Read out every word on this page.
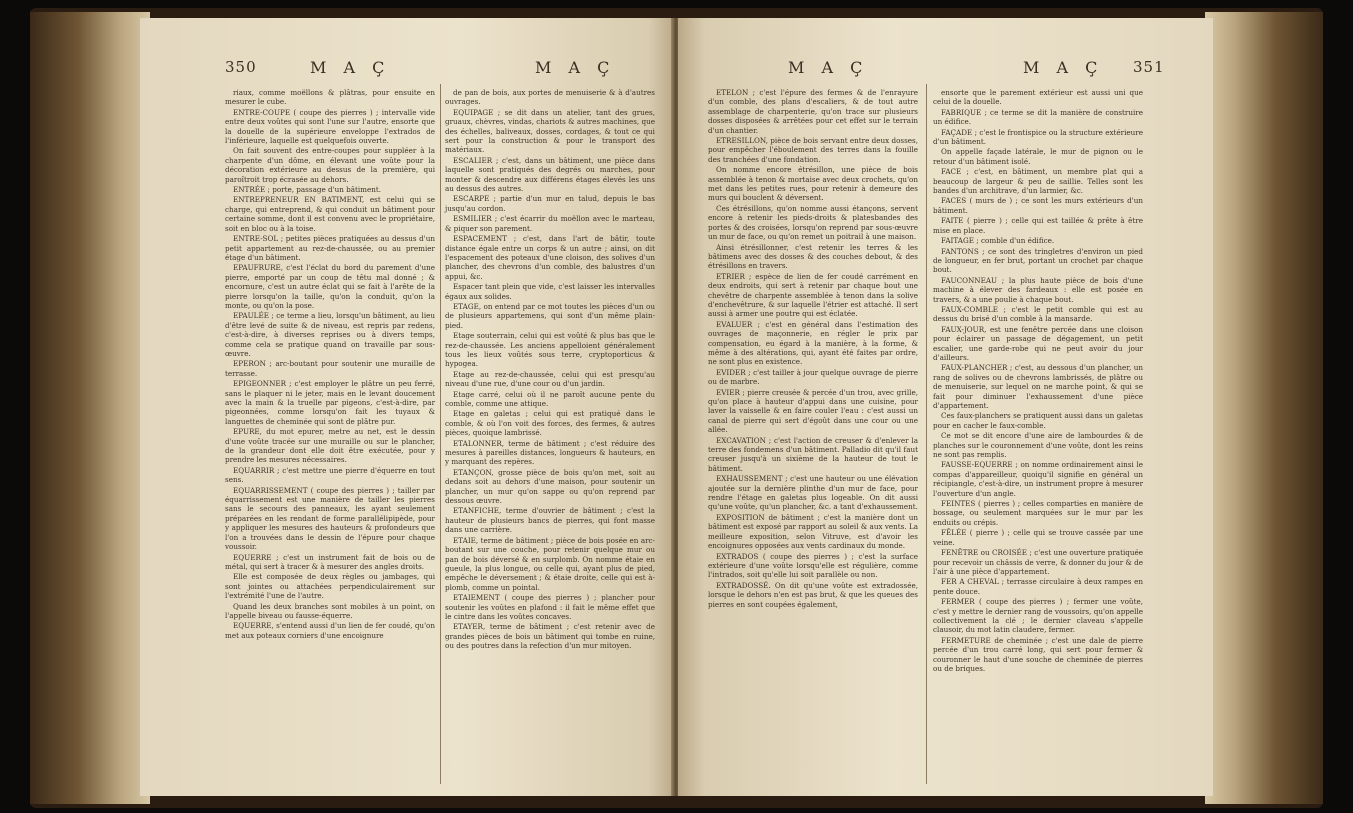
350	M A Ç	M A Ç

riaux, comme moëllons & plâtras, pour ensuite en mesurer le cube.

ENTRE-COUPE ( coupe des pierres ) ; intervalle vide entre deux voûtes qui sont l'une sur l'autre, ensorte que la douelle de la supérieure enveloppe l'extrados de l'inférieure, laquelle est quelquefois ouverte.

On fait souvent des entre-coupes pour suppléer à la charpente d'un dôme, en élevant une voûte pour la décoration extérieure au dessus de la première, qui paroîtroit trop écrasée au dehors.

ENTRÉE ; porte, passage d'un bâtiment.

ENTREPRENEUR EN BATIMENT, est celui qui se charge, qui entreprend, & qui conduit un bâtiment pour certaine somme, dont il est convenu avec le propriétaire, soit en bloc ou à la toise.

ENTRE-SOL ; petites pièces pratiquées au dessus d'un petit appartement au rez-de-chaussée, ou au premier étage d'un bâtiment.

EPAUFRURE, c'est l'éclat du bord du parement d'une pierre, emporté par un coup de têtu mal donné ; & encornure, c'est un autre éclat qui se fait à l'arête de la pierre lorsqu'on la taille, qu'on la conduit, qu'on la monte, ou qu'on la pose.

EPAULÉE ; ce terme a lieu, lorsqu'un bâtiment, au lieu d'être levé de suite & de niveau, est repris par redens, c'est-à-dire, à diverses reprises ou à divers temps, comme cela se pratique quand on travaille par sous-œuvre.

EPERON ; arc-boutant pour soutenir une muraille de terrasse.

EPIGEONNER ; c'est employer le plâtre un peu ferré, sans le plaquer ni le jeter, mais en le levant doucement avec la main & la truelle par pigeons, c'est-à-dire, par pigeonnées, comme lorsqu'on fait les tuyaux & languettes de cheminée qui sont de plâtre pur.

EPURE, du mot epurer, metre au net, est le dessin d'une voûte tracée sur une muraille ou sur le plancher, de la grandeur dont elle doit être exécutée, pour y prendre les mesures nécessaires.

EQUARRIR ; c'est mettre une pierre d'équerre en tout sens.

EQUARRISSEMENT ( coupe des pierres ) ; tailler par équarrissement est une manière de tailler les pierres sans le secours des panneaux, les ayant seulement préparées en les rendant de forme parallélipipède, pour y appliquer les mesures des hauteurs & profondeurs que l'on a trouvées dans le dessin de l'épure pour chaque voussoir.

EQUERRE ; c'est un instrument fait de bois ou de métal, qui sert à tracer & à mesurer des angles droits.

Elle est composée de deux règles ou jambages, qui sont jointes ou attachées perpendiculairement sur l'extrémité l'une de l'autre.

Quand les deux branches sont mobiles à un point, on l'appelle biveau ou fausse-équerre.

EQUERRE, s'entend aussi d'un lien de fer coudé, qu'on met aux poteaux corniers d'une encoignure

de pan de bois, aux portes de menuiserie & à d'autres ouvrages.

EQUIPAGE ; se dit dans un atelier, tant des grues, gruaux, chèvres, vindas, chariots & autres machines, que des échelles, baliveaux, dosses, cordages, & tout ce qui sert pour la construction & pour le transport des matériaux.

ESCALIER ; c'est, dans un bâtiment, une pièce dans laquelle sont pratiqués des degrés ou marches, pour monter & descendre aux différens étages élevés les uns au dessus des autres.

ESCARPE ; partie d'un mur en talud, depuis le bas jusqu'au cordon.

ESMILIER ; c'est écarrir du moëllon avec le marteau, & piquer son parement.

ESPACEMENT ; c'est, dans l'art de bâtir, toute distance égale entre un corps & un autre ; ainsi, on dit l'espacement des poteaux d'une cloison, des solives d'un plancher, des chevrons d'un comble, des balustres d'un appui, &c.

Espacer tant plein que vide, c'est laisser les intervalles égaux aux solides.

ETAGE, on entend par ce mot toutes les pièces d'un ou de plusieurs appartemens, qui sont d'un même plain-pied.

Etage souterrain, celui qui est voûté & plus bas que le rez-de-chaussée. Les anciens appelloient généralement tous les lieux voûtés sous terre, cryptoporticus & hypogea.

Etage au rez-de-chaussée, celui qui est presqu'au niveau d'une rue, d'une cour ou d'un jardin.

Etage carré, celui où il ne paroît aucune pente du comble, comme une attique.

Etage en galetas ; celui qui est pratiqué dans le comble, & où l'on voit des forces, des fermes, & autres pièces, quoique lambrissé.

ETALONNER, terme de bâtiment ; c'est réduire des mesures à pareilles distances, longueurs & hauteurs, en y marquant des repères.

ETANÇON, grosse pièce de bois qu'on met, soit au dedans soit au dehors d'une maison, pour soutenir un plancher, un mur qu'on sappe ou qu'on reprend par dessous œuvre.

ETANFICHE, terme d'ouvrier de bâtiment ; c'est la hauteur de plusieurs bancs de pierres, qui font masse dans une carrière.

ETAIE, terme de bâtiment ; pièce de bois posée en arc-boutant sur une couche, pour retenir quelque mur ou pan de bois déversé & en surplomb. On nomme étaie en gueule, la plus longue, ou celle qui, ayant plus de pied, empêche le déversement ; & étaie droite, celle qui est à-plomb, comme un pointal.

ETAIEMENT ( coupe des pierres ) ; plancher pour soutenir les voûtes en plafond : il fait le même effet que le cintre dans les voûtes concaves.

ETAYER, terme de bâtiment ; c'est retenir avec de grandes pièces de bois un bâtiment qui tombe en ruine, ou des poutres dans la refection d'un mur mitoyen.

M A Ç	M A Ç 351

ETELON ; c'est l'épure des fermes & de l'enrayure d'un comble, des plans d'escaliers, & de tout autre assemblage de charpenterie, qu'on trace sur plusieurs dosses disposées & arrêtées pour cet effet sur le terrain d'un chantier.

ETRESILLON, pièce de bois servant entre deux dosses, pour empêcher l'éboulement des terres dans la fouille des tranchées d'une fondation.

On nomme encore étrésillon, une pièce de bois assemblée à tenon & mortaise avec deux crochets, qu'on met dans les petites rues, pour retenir à demeure des murs qui bouclent & déversent.

Ces étrésillons, qu'on nomme aussi étançons, servent encore à retenir les pieds-droits & platesbandes des portes & des croisées, lorsqu'on reprend par sous-œuvre un mur de face, ou qu'on remet un poitrail à une maison.

Ainsi étrésillonner, c'est retenir les terres & les bâtimens avec des dosses & des couches debout, & des étrésillons en travers.

ETRIER ; espèce de lien de fer coudé carrément en deux endroits, qui sert à retenir par chaque bout une chevêtre de charpente assemblée à tenon dans la solive d'enchevêtrure, & sur laquelle l'étrier est attaché. Il sert aussi à armer une poutre qui est éclatée.

EVALUER ; c'est en général dans l'estimation des ouvrages de maçonnerie, en régler le prix par compensation, eu égard à la manière, à la forme, & même à des altérations, qui, ayant été faites par ordre, ne sont plus en existence.

EVIDER ; c'est tailler à jour quelque ouvrage de pierre ou de marbre.

EVIER ; pierre creusée & percée d'un trou, avec grille, qu'on place à hauteur d'appui dans une cuisine, pour laver la vaisselle & en faire couler l'eau : c'est aussi un canal de pierre qui sert d'égoût dans une cour ou une allée.

EXCAVATION ; c'est l'action de creuser & d'enlever la terre des fondemens d'un bâtiment. Palladio dit qu'il faut creuser jusqu'à un sixième de la hauteur de tout le bâtiment.

EXHAUSSEMENT ; c'est une hauteur ou une élévation ajoutée sur la dernière plinthe d'un mur de face, pour rendre l'étage en galetas plus logeable. On dit aussi qu'une voûte, qu'un plancher, &c. a tant d'exhaussement.

EXPOSITION de bâtiment ; c'est la manière dont un bâtiment est exposé par rapport au soleil & aux vents. La meilleure exposition, selon Vitruve, est d'avoir les encoignures opposées aux vents cardinaux du monde.

EXTRADOS ( coupe des pierres ) ; c'est la surface extérieure d'une voûte lorsqu'elle est régulière, comme l'intrados, soit qu'elle lui soit parallèle ou non.

EXTRADOSSÉ. On dit qu'une voûte est extradossée, lorsque le dehors n'en est pas brut, & que les queues des pierres en sont coupées également,

ensorte que le parement extérieur est aussi uni que celui de la douelle.

FABRIQUE ; ce terme se dit la manière de construire un édifice.

FAÇADE ; c'est le frontispice ou la structure extérieure d'un bâtiment.

On appelle façade latérale, le mur de pignon ou le retour d'un bâtiment isolé.

FACE ; c'est, en bâtiment, un membre plat qui a beaucoup de largeur & peu de saillie. Telles sont les bandes d'un architrave, d'un larmier, &c.

FACES ( murs de ) ; ce sont les murs extérieurs d'un bâtiment.

FAITE ( pierre ) ; celle qui est taillée & prête à être mise en place.

FAITAGE ; comble d'un édifice.

FANTONS ; ce sont des tringletres d'environ un pied de longueur, en fer brut, portant un crochet par chaque bout.

FAUCONNEAU ; la plus haute pièce de bois d'une machine à élever des fardeaux : elle est posée en travers, & a une poulie à chaque bout.

FAUX-COMBLE ; c'est le petit comble qui est au dessus du brisé d'un comble à la mansarde.

FAUX-JOUR, est une fenêtre percée dans une cloison pour éclairer un passage de dégagement, un petit escalier, une garde-robe qui ne peut avoir du jour d'ailleurs.

FAUX-PLANCHER ; c'est, au dessous d'un plancher, un rang de solives ou de chevrons lambrissés, de plâtre ou de menuiserie, sur lequel on ne marche point, & qui se fait pour diminuer l'exhaussement d'une pièce d'appartement.

Ces faux-planchers se pratiquent aussi dans un galetas pour en cacher le faux-comble.

Ce mot se dit encore d'une aire de lambourdes & de planches sur le couronnement d'une voûte, dont les reins ne sont pas remplis.

FAUSSE-EQUERRE ; on nomme ordinairement ainsi le compas d'appareilleur, quoiqu'il signifie en général un récipiangle, c'est-à-dire, un instrument propre à mesurer l'ouverture d'un angle.

FEINTES ( pierres ) ; celles comparties en manière de bossage, ou seulement marquées sur le mur par les enduits ou crépis.

FÊLÉE ( pierre ) ; celle qui se trouve cassée par une veine.

FENÊTRE ou CROISÉE ; c'est une ouverture pratiquée pour recevoir un châssis de verre, & donner du jour & de l'air à une pièce d'appartement.

FER A CHEVAL ; terrasse circulaire à deux rampes en pente douce.

FERMER ( coupe des pierres ) ; fermer une voûte, c'est y mettre le dernier rang de voussoirs, qu'on appelle collectivement la clé ; le dernier claveau s'appelle clausoir, du mot latin claudere, fermer.

FERMETURE de cheminée ; c'est une dale de pierre percée d'un trou carré long, qui sert pour fermer & couronner le haut d'une souche de cheminée de pierres ou de briques.
